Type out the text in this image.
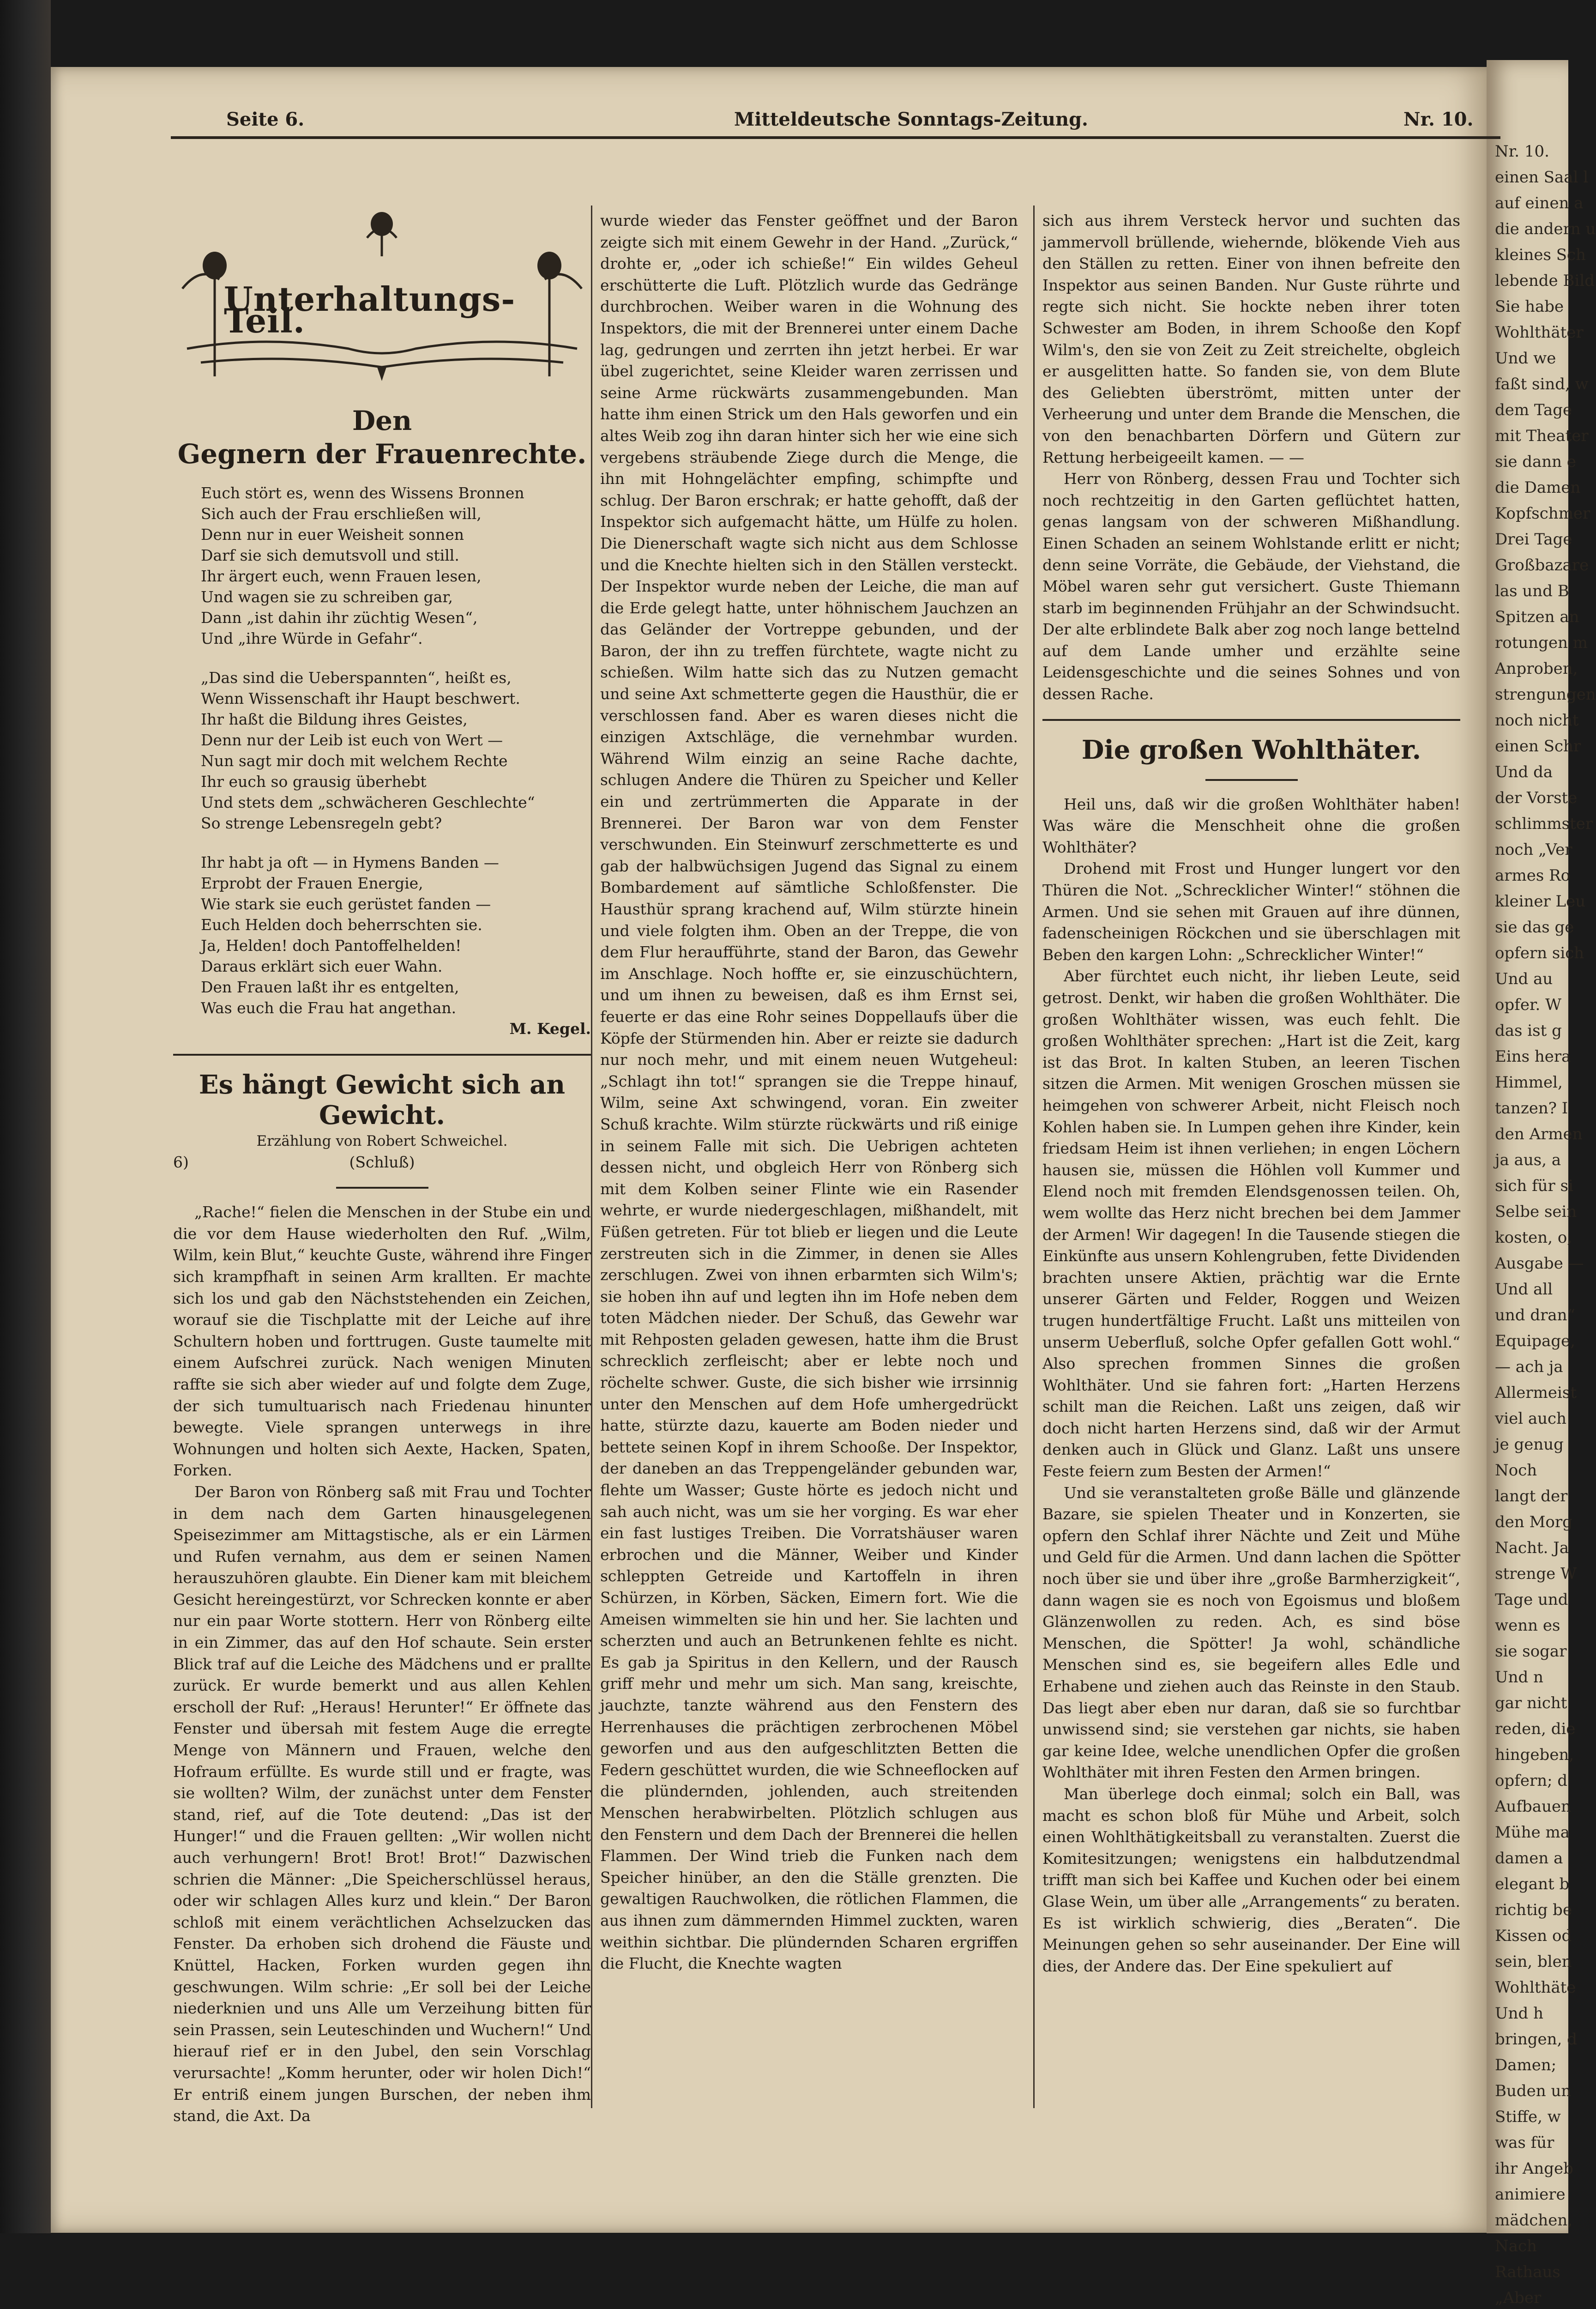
Nr. 10.
einen Saal l
auf einen a
die andern u
kleines Sch
lebende Bild
Sie habe
Wohlthäter
Und we
faßt sind, w
dem Tage
mit Theater
sie dann e
die Damen
Kopfschmer
Drei Tage
Großbazare
las und B
Spitzen an
rotungen m
Anproben,
strengungen
noch nicht
einen Schr
Und da
der Vorste
schlimmster
noch „Ver
armes Ro
kleiner Leu
sie das ge
opfern sich
Und au
opfer. W
das ist g
Eins hera
Himmel,
tanzen? I
den Armen
ja aus, a
sich für si
Selbe sein
kosten, o,
Ausgabe —
Und all
und dran“
Equipage,
— ach ja
Allermeist
viel auch
je genug
Noch
langt der
den Morg
Nacht. Ja
strenge W
Tage und
wenn es
sie sogar
Und n
gar nicht
reden, die
hingeben,
opfern; d
Aufbauen
Mühe ma
damen a
elegant b
richtig be
Kissen od
sein, blen
Wohlthäte
Und h
bringen, d
Damen;
Buden un
Stiffe, w
was für
ihr Angeb
animiere
mädchen,
Nach
Rathaus
„Aber

Seite 6.	Mitteldeutsche Sonntags-Zeitung.	Nr. 10.
Unterhaltungs-Teil.
Den
Gegnern der Frauenrechte.
Euch stört es, wenn des Wissens Bronnen
Sich auch der Frau erschließen will,
Denn nur in euer Weisheit sonnen
Darf sie sich demutsvoll und still.
Ihr ärgert euch, wenn Frauen lesen,
Und wagen sie zu schreiben gar,
Dann „ist dahin ihr züchtig Wesen“,
Und „ihre Würde in Gefahr“.
„Das sind die Ueberspannten“, heißt es,
Wenn Wissenschaft ihr Haupt beschwert.
Ihr haßt die Bildung ihres Geistes,
Denn nur der Leib ist euch von Wert —
Nun sagt mir doch mit welchem Rechte
Ihr euch so grausig überhebt
Und stets dem „schwächeren Geschlechte“
So strenge Lebensregeln gebt?
Ihr habt ja oft — in Hymens Banden —
Erprobt der Frauen Energie,
Wie stark sie euch gerüstet fanden —
Euch Helden doch beherrschten sie.
Ja, Helden! doch Pantoffelhelden!
Daraus erklärt sich euer Wahn.
Den Frauen laßt ihr es entgelten,
Was euch die Frau hat angethan.
M. Kegel.
Es hängt Gewicht sich an Gewicht.
Erzählung von Robert Schweichel.
6)	(Schluß)

„Rache!“ fielen die Menschen in der Stube ein und die vor dem Hause wiederholten den Ruf. „Wilm, Wilm, kein Blut,“ keuchte Guste, während ihre Finger sich krampfhaft in seinen Arm krallten. Er machte sich los und gab den Nächststehenden ein Zeichen, worauf sie die Tischplatte mit der Leiche auf ihre Schultern hoben und forttrugen. Guste taumelte mit einem Aufschrei zurück. Nach wenigen Minuten raffte sie sich aber wieder auf und folgte dem Zuge, der sich tumultuarisch nach Friedenau hinunter bewegte. Viele sprangen unterwegs in ihre Wohnungen und holten sich Aexte, Hacken, Spaten, Forken.

Der Baron von Rönberg saß mit Frau und Tochter in dem nach dem Garten hinausgelegenen Speisezimmer am Mittagstische, als er ein Lärmen und Rufen vernahm, aus dem er seinen Namen herauszuhören glaubte. Ein Diener kam mit bleichem Gesicht hereingestürzt, vor Schrecken konnte er aber nur ein paar Worte stottern. Herr von Rönberg eilte in ein Zimmer, das auf den Hof schaute. Sein erster Blick traf auf die Leiche des Mädchens und er prallte zurück. Er wurde bemerkt und aus allen Kehlen erscholl der Ruf: „Heraus! Herunter!“ Er öffnete das Fenster und übersah mit festem Auge die erregte Menge von Männern und Frauen, welche den Hofraum erfüllte. Es wurde still und er fragte, was sie wollten? Wilm, der zunächst unter dem Fenster stand, rief, auf die Tote deutend: „Das ist der Hunger!“ und die Frauen gellten: „Wir wollen nicht auch verhungern! Brot! Brot! Brot!“ Dazwischen schrien die Männer: „Die Speicherschlüssel heraus, oder wir schlagen Alles kurz und klein.“ Der Baron schloß mit einem verächtlichen Achselzucken das Fenster. Da erhoben sich drohend die Fäuste und Knüttel, Hacken, Forken wurden gegen ihn geschwungen. Wilm schrie: „Er soll bei der Leiche niederknien und uns Alle um Verzeihung bitten für sein Prassen, sein Leuteschinden und Wuchern!“ Und hierauf rief er in den Jubel, den sein Vorschlag verursachte! „Komm herunter, oder wir holen Dich!“ Er entriß einem jungen Burschen, der neben ihm stand, die Axt. Da

wurde wieder das Fenster geöffnet und der Baron zeigte sich mit einem Gewehr in der Hand. „Zurück,“ drohte er, „oder ich schieße!“ Ein wildes Geheul erschütterte die Luft. Plötzlich wurde das Gedränge durchbrochen. Weiber waren in die Wohnung des Inspektors, die mit der Brennerei unter einem Dache lag, gedrungen und zerrten ihn jetzt herbei. Er war übel zugerichtet, seine Kleider waren zerrissen und seine Arme rückwärts zusammengebunden. Man hatte ihm einen Strick um den Hals geworfen und ein altes Weib zog ihn daran hinter sich her wie eine sich vergebens sträubende Ziege durch die Menge, die ihn mit Hohngelächter empfing, schimpfte und schlug. Der Baron erschrak; er hatte gehofft, daß der Inspektor sich aufgemacht hätte, um Hülfe zu holen. Die Dienerschaft wagte sich nicht aus dem Schlosse und die Knechte hielten sich in den Ställen versteckt. Der Inspektor wurde neben der Leiche, die man auf die Erde gelegt hatte, unter höhnischem Jauchzen an das Geländer der Vortreppe gebunden, und der Baron, der ihn zu treffen fürchtete, wagte nicht zu schießen. Wilm hatte sich das zu Nutzen gemacht und seine Axt schmetterte gegen die Hausthür, die er verschlossen fand. Aber es waren dieses nicht die einzigen Axtschläge, die vernehmbar wurden. Während Wilm einzig an seine Rache dachte, schlugen Andere die Thüren zu Speicher und Keller ein und zertrümmerten die Apparate in der Brennerei. Der Baron war von dem Fenster verschwunden. Ein Steinwurf zerschmetterte es und gab der halbwüchsigen Jugend das Signal zu einem Bombardement auf sämtliche Schloßfenster. Die Hausthür sprang krachend auf, Wilm stürzte hinein und viele folgten ihm. Oben an der Treppe, die von dem Flur heraufführte, stand der Baron, das Gewehr im Anschlage. Noch hoffte er, sie einzuschüchtern, und um ihnen zu beweisen, daß es ihm Ernst sei, feuerte er das eine Rohr seines Doppellaufs über die Köpfe der Stürmenden hin. Aber er reizte sie dadurch nur noch mehr, und mit einem neuen Wutgeheul: „Schlagt ihn tot!“ sprangen sie die Treppe hinauf, Wilm, seine Axt schwingend, voran. Ein zweiter Schuß krachte. Wilm stürzte rückwärts und riß einige in seinem Falle mit sich. Die Uebrigen achteten dessen nicht, und obgleich Herr von Rönberg sich mit dem Kolben seiner Flinte wie ein Rasender wehrte, er wurde niedergeschlagen, mißhandelt, mit Füßen getreten. Für tot blieb er liegen und die Leute zerstreuten sich in die Zimmer, in denen sie Alles zerschlugen. Zwei von ihnen erbarmten sich Wilm's; sie hoben ihn auf und legten ihn im Hofe neben dem toten Mädchen nieder. Der Schuß, das Gewehr war mit Rehposten geladen gewesen, hatte ihm die Brust schrecklich zerfleischt; aber er lebte noch und röchelte schwer. Guste, die sich bisher wie irrsinnig unter den Menschen auf dem Hofe umhergedrückt hatte, stürzte dazu, kauerte am Boden nieder und bettete seinen Kopf in ihrem Schooße. Der Inspektor, der daneben an das Treppengeländer gebunden war, flehte um Wasser; Guste hörte es jedoch nicht und sah auch nicht, was um sie her vorging. Es war eher ein fast lustiges Treiben. Die Vorratshäuser waren erbrochen und die Männer, Weiber und Kinder schleppten Getreide und Kartoffeln in ihren Schürzen, in Körben, Säcken, Eimern fort. Wie die Ameisen wimmelten sie hin und her. Sie lachten und scherzten und auch an Betrunkenen fehlte es nicht. Es gab ja Spiritus in den Kellern, und der Rausch griff mehr und mehr um sich. Man sang, kreischte, jauchzte, tanzte während aus den Fenstern des Herrenhauses die prächtigen zerbrochenen Möbel geworfen und aus den aufgeschlitzten Betten die Federn geschüttet wurden, die wie Schneeflocken auf die plündernden, johlenden, auch streitenden Menschen herabwirbelten. Plötzlich schlugen aus den Fenstern und dem Dach der Brennerei die hellen Flammen. Der Wind trieb die Funken nach dem Speicher hinüber, an den die Ställe grenzten. Die gewaltigen Rauchwolken, die rötlichen Flammen, die aus ihnen zum dämmernden Himmel zuckten, waren weithin sichtbar. Die plündernden Scharen ergriffen die Flucht, die Knechte wagten

sich aus ihrem Versteck hervor und suchten das jammervoll brüllende, wiehernde, blökende Vieh aus den Ställen zu retten. Einer von ihnen befreite den Inspektor aus seinen Banden. Nur Guste rührte und regte sich nicht. Sie hockte neben ihrer toten Schwester am Boden, in ihrem Schooße den Kopf Wilm's, den sie von Zeit zu Zeit streichelte, obgleich er ausgelitten hatte. So fanden sie, von dem Blute des Geliebten überströmt, mitten unter der Verheerung und unter dem Brande die Menschen, die von den benachbarten Dörfern und Gütern zur Rettung herbeigeeilt kamen. — —

Herr von Rönberg, dessen Frau und Tochter sich noch rechtzeitig in den Garten geflüchtet hatten, genas langsam von der schweren Mißhandlung. Einen Schaden an seinem Wohlstande erlitt er nicht; denn seine Vorräte, die Gebäude, der Viehstand, die Möbel waren sehr gut versichert. Guste Thiemann starb im beginnenden Frühjahr an der Schwindsucht. Der alte erblindete Balk aber zog noch lange bettelnd auf dem Lande umher und erzählte seine Leidensgeschichte und die seines Sohnes und von dessen Rache.

Die großen Wohlthäter.

Heil uns, daß wir die großen Wohlthäter haben! Was wäre die Menschheit ohne die großen Wohlthäter?

Drohend mit Frost und Hunger lungert vor den Thüren die Not. „Schrecklicher Winter!“ stöhnen die Armen. Und sie sehen mit Grauen auf ihre dünnen, fadenscheinigen Röckchen und sie überschlagen mit Beben den kargen Lohn: „Schrecklicher Winter!“

Aber fürchtet euch nicht, ihr lieben Leute, seid getrost. Denkt, wir haben die großen Wohlthäter. Die großen Wohlthäter wissen, was euch fehlt. Die großen Wohlthäter sprechen: „Hart ist die Zeit, karg ist das Brot. In kalten Stuben, an leeren Tischen sitzen die Armen. Mit wenigen Groschen müssen sie heimgehen von schwerer Arbeit, nicht Fleisch noch Kohlen haben sie. In Lumpen gehen ihre Kinder, kein friedsam Heim ist ihnen verliehen; in engen Löchern hausen sie, müssen die Höhlen voll Kummer und Elend noch mit fremden Elendsgenossen teilen. Oh, wem wollte das Herz nicht brechen bei dem Jammer der Armen! Wir dagegen! In die Tausende stiegen die Einkünfte aus unsern Kohlengruben, fette Dividenden brachten unsere Aktien, prächtig war die Ernte unserer Gärten und Felder, Roggen und Weizen trugen hundertfältige Frucht. Laßt uns mitteilen von unserm Ueberfluß, solche Opfer gefallen Gott wohl.“ Also sprechen frommen Sinnes die großen Wohlthäter. Und sie fahren fort: „Harten Herzens schilt man die Reichen. Laßt uns zeigen, daß wir doch nicht harten Herzens sind, daß wir der Armut denken auch in Glück und Glanz. Laßt uns unsere Feste feiern zum Besten der Armen!“

Und sie veranstalteten große Bälle und glänzende Bazare, sie spielen Theater und in Konzerten, sie opfern den Schlaf ihrer Nächte und Zeit und Mühe und Geld für die Armen. Und dann lachen die Spötter noch über sie und über ihre „große Barmherzigkeit“, dann wagen sie es noch von Egoismus und bloßem Glänzenwollen zu reden. Ach, es sind böse Menschen, die Spötter! Ja wohl, schändliche Menschen sind es, sie begeifern alles Edle und Erhabene und ziehen auch das Reinste in den Staub. Das liegt aber eben nur daran, daß sie so furchtbar unwissend sind; sie verstehen gar nichts, sie haben gar keine Idee, welche unendlichen Opfer die großen Wohlthäter mit ihren Festen den Armen bringen.

Man überlege doch einmal; solch ein Ball, was macht es schon bloß für Mühe und Arbeit, solch einen Wohlthätigkeitsball zu veranstalten. Zuerst die Komitesitzungen; wenigstens ein halbdutzendmal trifft man sich bei Kaffee und Kuchen oder bei einem Glase Wein, um über alle „Arrangements“ zu beraten. Es ist wirklich schwierig, dies „Beraten“. Die Meinungen gehen so sehr auseinander. Der Eine will dies, der Andere das. Der Eine spekuliert auf
